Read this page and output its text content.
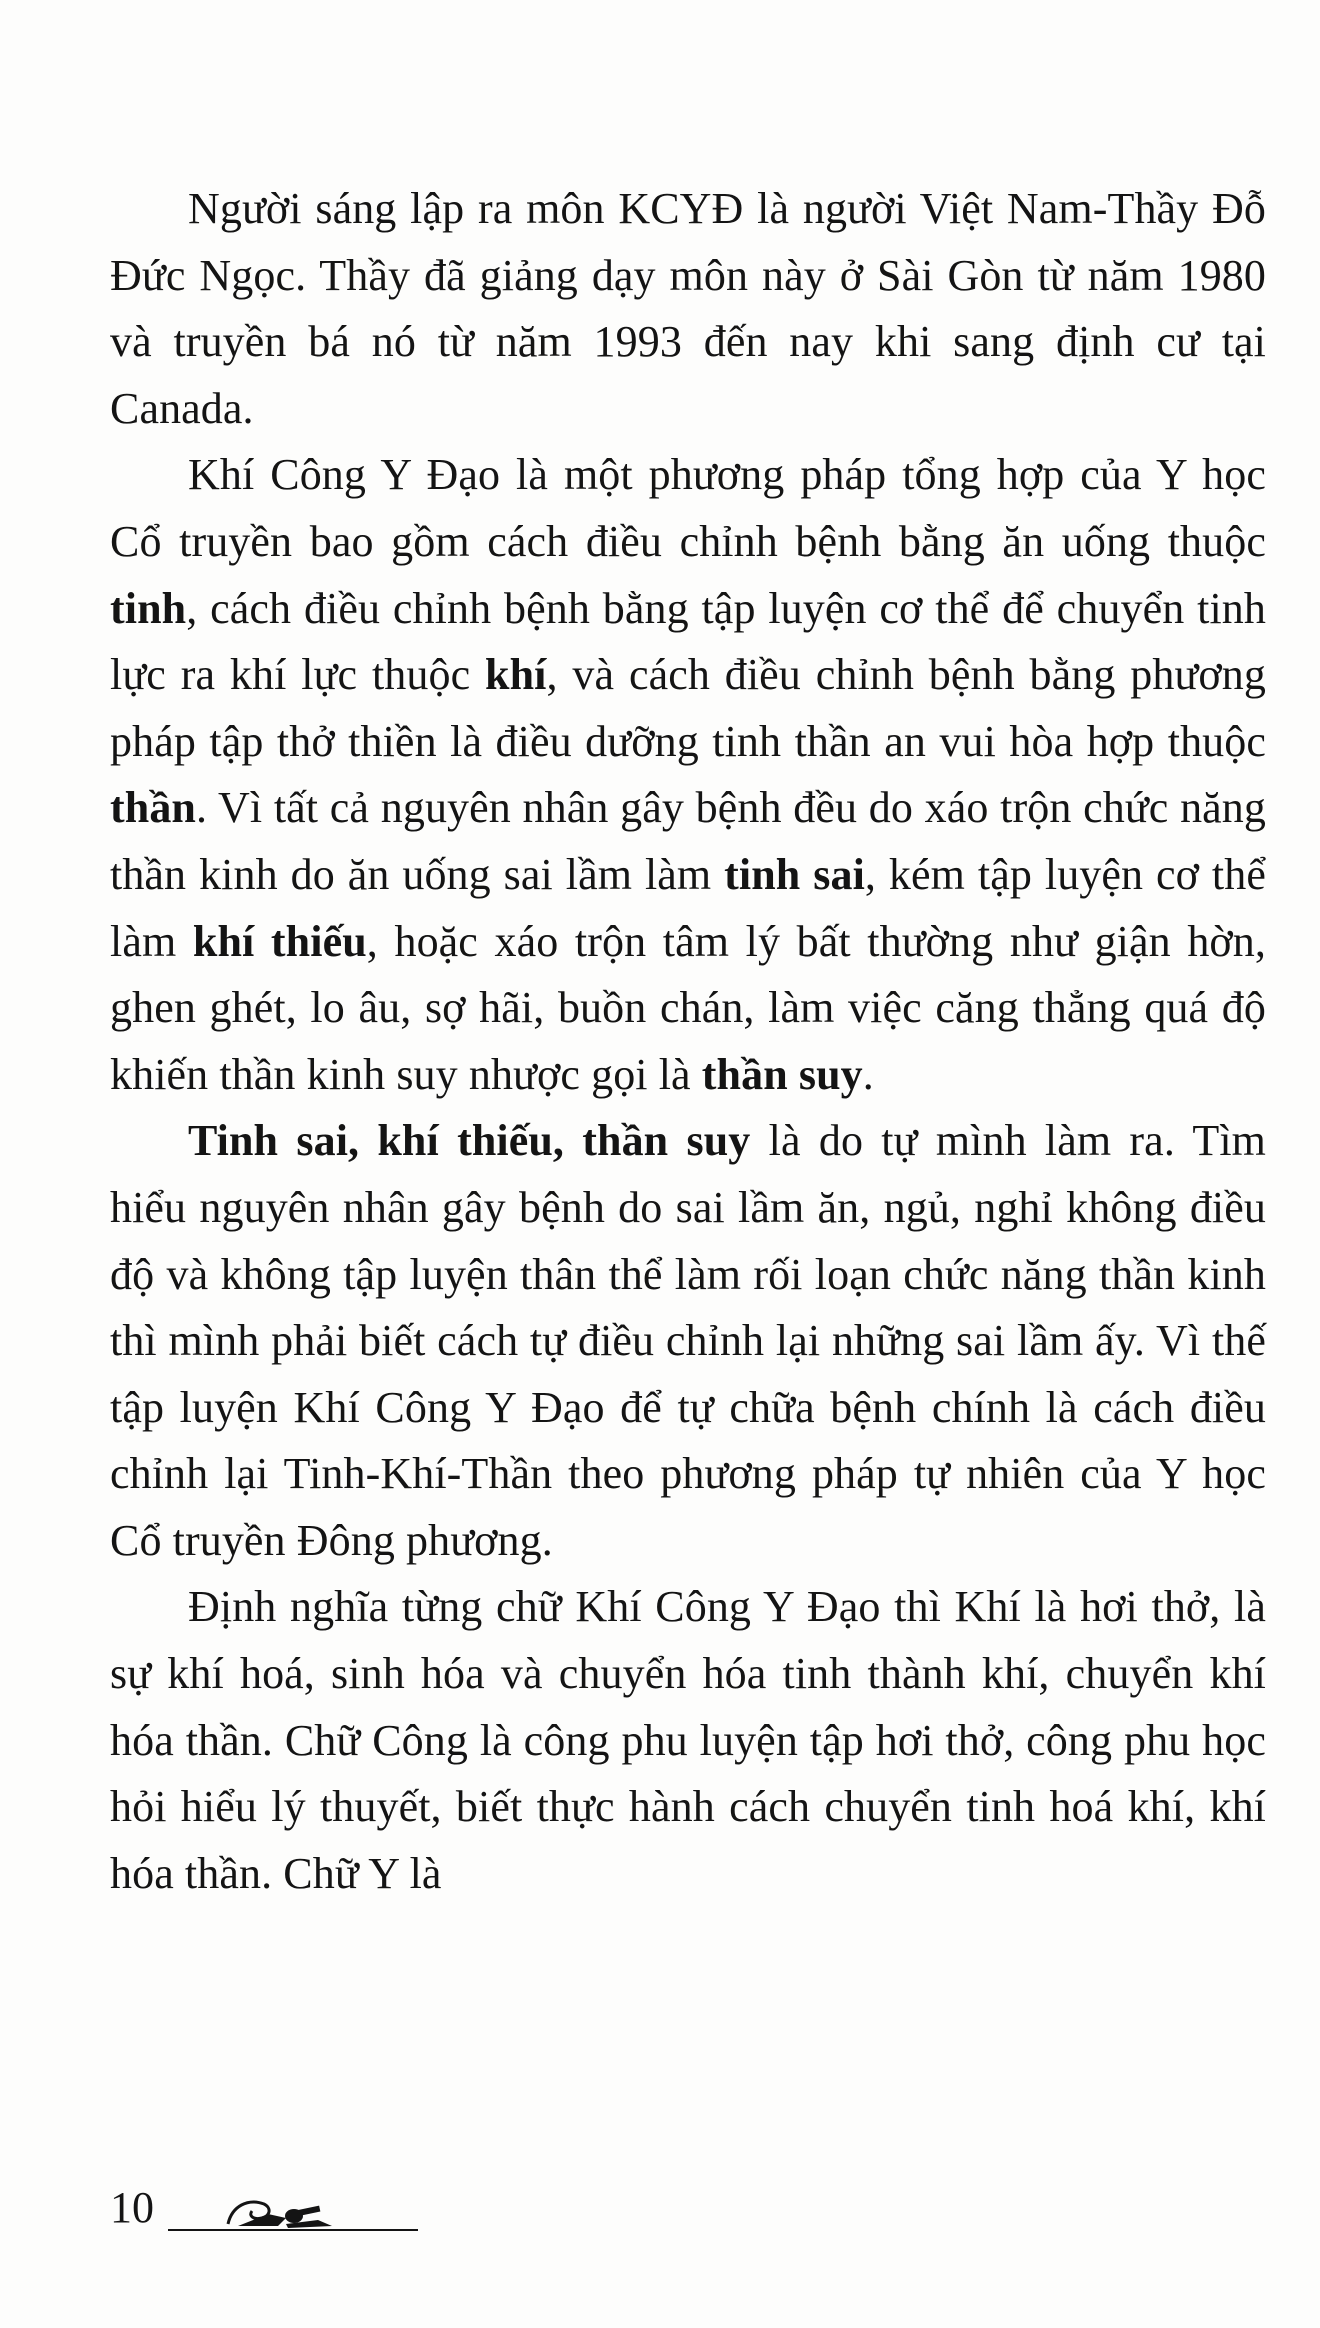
Người sáng lập ra môn KCYĐ là người Việt Nam-Thầy Đỗ Đức Ngọc. Thầy đã giảng dạy môn này ở Sài Gòn từ năm 1980 và truyền bá nó từ năm 1993 đến nay khi sang định cư tại Canada.

Khí Công Y Đạo là một phương pháp tổng hợp của Y học Cổ truyền bao gồm cách điều chỉnh bệnh bằng ăn uống thuộc tinh, cách điều chỉnh bệnh bằng tập luyện cơ thể để chuyển tinh lực ra khí lực thuộc khí, và cách điều chỉnh bệnh bằng phương pháp tập thở thiền là điều dưỡng tinh thần an vui hòa hợp thuộc thần. Vì tất cả nguyên nhân gây bệnh đều do xáo trộn chức năng thần kinh do ăn uống sai lầm làm tinh sai, kém tập luyện cơ thể làm khí thiếu, hoặc xáo trộn tâm lý bất thường như giận hờn, ghen ghét, lo âu, sợ hãi, buồn chán, làm việc căng thẳng quá độ khiến thần kinh suy nhược gọi là thần suy.

Tinh sai, khí thiếu, thần suy là do tự mình làm ra. Tìm hiểu nguyên nhân gây bệnh do sai lầm ăn, ngủ, nghỉ không điều độ và không tập luyện thân thể làm rối loạn chức năng thần kinh thì mình phải biết cách tự điều chỉnh lại những sai lầm ấy. Vì thế tập luyện Khí Công Y Đạo để tự chữa bệnh chính là cách điều chỉnh lại Tinh-Khí-Thần theo phương pháp tự nhiên của Y học Cổ truyền Đông phương.

Định nghĩa từng chữ Khí Công Y Đạo thì Khí là hơi thở, là sự khí hoá, sinh hóa và chuyển hóa tinh thành khí, chuyển khí hóa thần. Chữ Công là công phu luyện tập hơi thở, công phu học hỏi hiểu lý thuyết, biết thực hành cách chuyển tinh hoá khí, khí hóa thần. Chữ Y là

10
